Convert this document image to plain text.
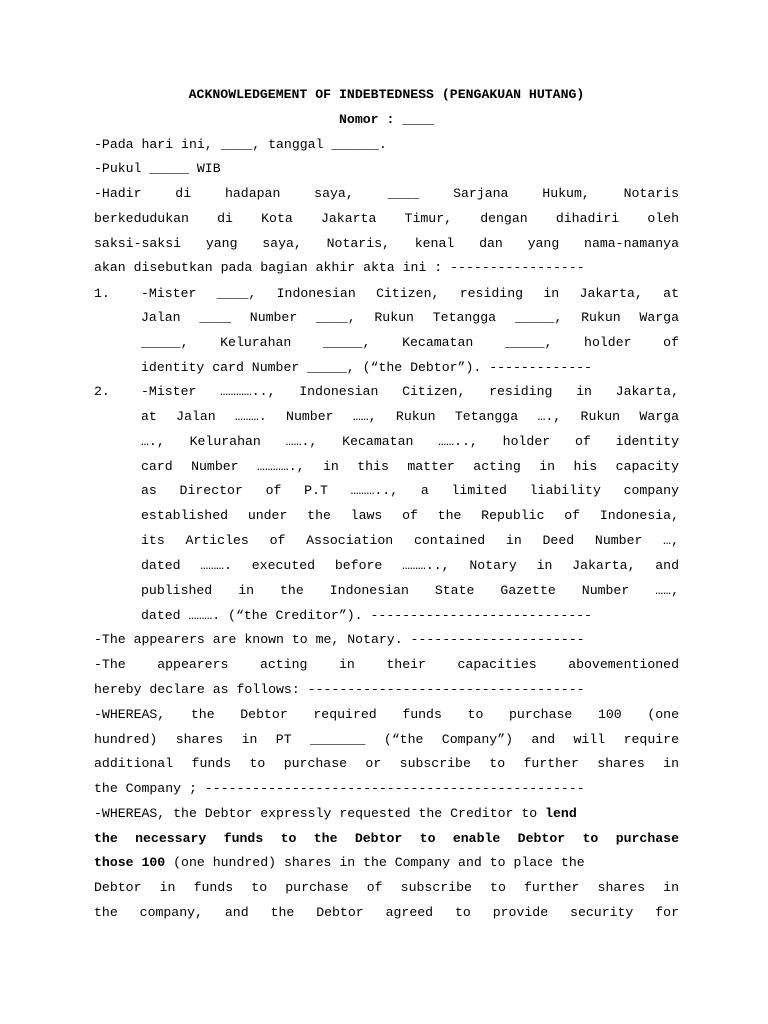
ACKNOWLEDGEMENT OF INDEBTEDNESS (PENGAKUAN HUTANG)
Nomor : ____
-Pada hari ini, ____, tanggal ______.
-Pukul _____ WIB
-Hadir di hadapan saya, ____ Sarjana Hukum, Notaris
berkedudukan di Kota Jakarta Timur, dengan dihadiri oleh
saksi-saksi yang saya, Notaris, kenal dan yang nama-namanya
akan disebutkan pada bagian akhir akta ini : -----------------
1.	-Mister ____, Indonesian Citizen, residing in Jakarta, at
Jalan ____ Number ____, Rukun Tetangga _____, Rukun Warga
_____, Kelurahan _____, Kecamatan _____, holder of
identity card Number _____, (“the Debtor”). -------------
2.	-Mister ………….., Indonesian Citizen, residing in Jakarta,
at Jalan ………. Number ……, Rukun Tetangga …., Rukun Warga
…., Kelurahan ……., Kecamatan …….., holder of identity
card Number …………., in this matter acting in his capacity
as Director of P.T ……….., a limited liability company
established under the laws of the Republic of Indonesia,
its Articles of Association contained in Deed Number …,
dated ………. executed before ……….., Notary in Jakarta, and
published in the Indonesian State Gazette Number ……,
dated ………. (“the Creditor”). ----------------------------
-The appearers are known to me, Notary. ----------------------
-The appearers acting in their capacities abovementioned
hereby declare as follows: -----------------------------------
-WHEREAS, the Debtor required funds to purchase 100 (one
hundred) shares in PT _______ (“the Company”) and will require
additional funds to purchase or subscribe to further shares in
the Company ; ------------------------------------------------
-WHEREAS, the Debtor expressly requested the Creditor to lend
the necessary funds to the Debtor to enable Debtor to purchase
those 100 (one hundred) shares in the Company and to place the
Debtor in funds to purchase of subscribe to further shares in
the company, and the Debtor agreed to provide security for
